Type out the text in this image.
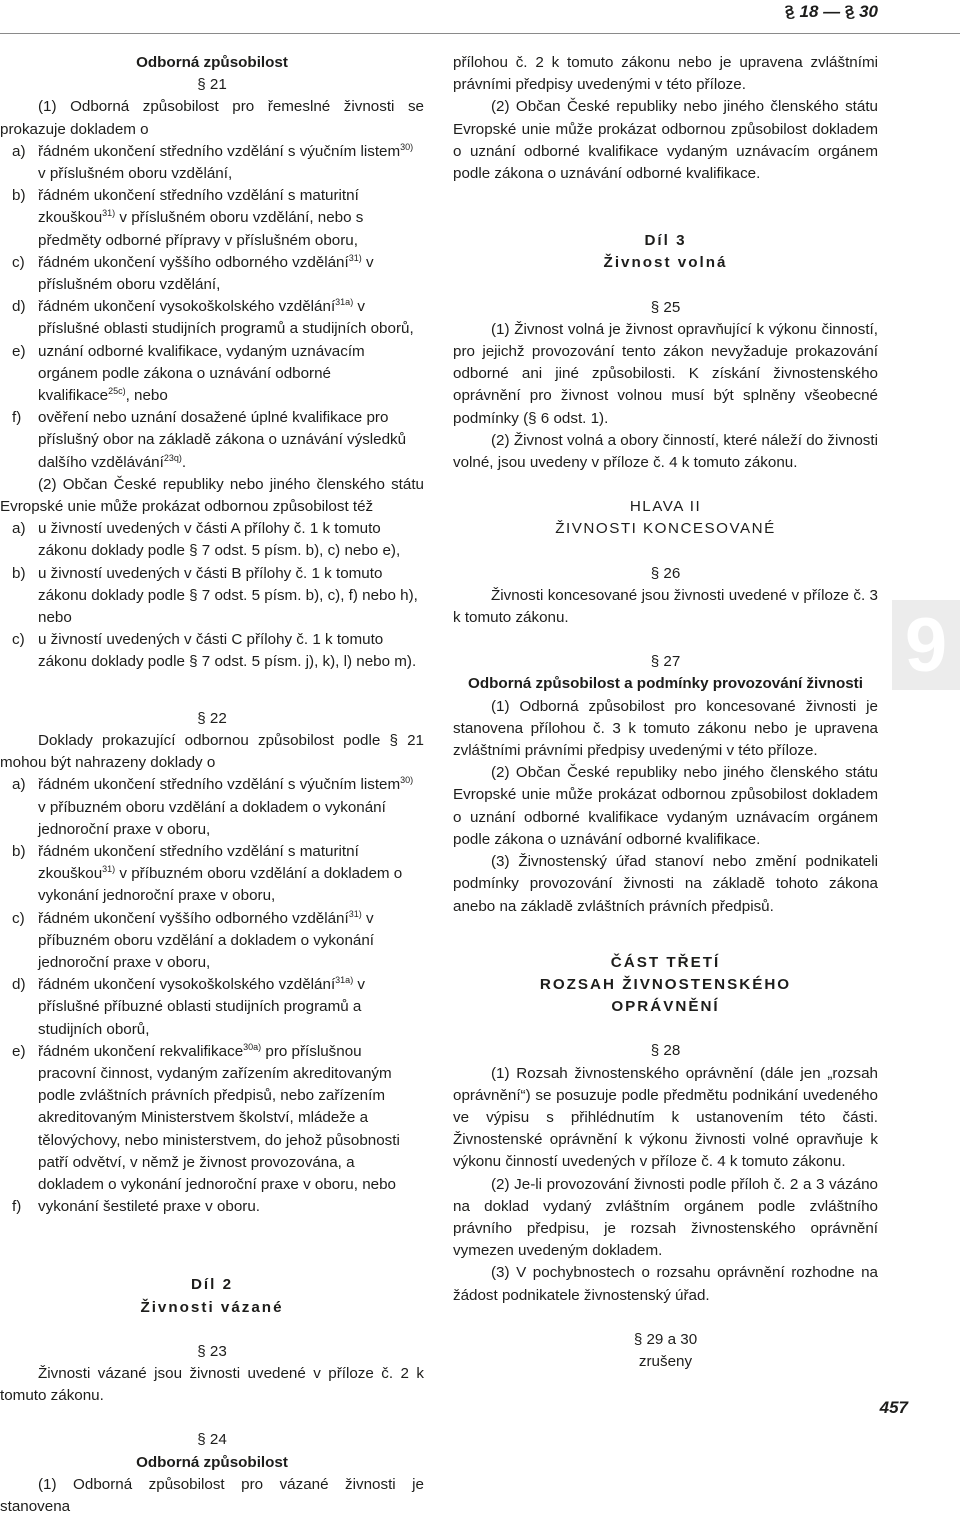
§ 18 — § 30
Odborná způsobilost
§ 21

(1) Odborná způsobilost pro řemeslné živnosti se prokazuje dokladem o

a) řádném ukončení středního vzdělání s výučním listem$^{30)}$ v příslušném oboru vzdělání,
b) řádném ukončení středního vzdělání s maturitní zkouškou$^{31)}$ v příslušném oboru vzdělání, nebo s předměty odborné přípravy v příslušném oboru,
c) řádném ukončení vyššího odborného vzdělání$^{31)}$ v příslušném oboru vzdělání,
d) řádném ukončení vysokoškolského vzdělání$^{31a)}$ v příslušné oblasti studijních programů a studijních oborů,
e) uznání odborné kvalifikace, vydaným uznávacím orgánem podle zákona o uznávání odborné kvalifikace$^{25c)}$, nebo
f)	ověření nebo uznání dosažené úplné kvalifikace pro příslušný obor na základě zákona o uznávání výsledků dalšího vzdělávání$^{23q)}$.

(2) Občan České republiky nebo jiného členského státu Evropské unie může prokázat odbornou způsobilost též

a) u živností uvedených v části A přílohy č. 1 k tomuto zákonu doklady podle § 7 odst. 5 písm. b), c) nebo e),
b) u živností uvedených v části B přílohy č. 1 k tomuto zákonu doklady podle § 7 odst. 5 písm. b), c), f) nebo h), nebo
c) u živností uvedených v části C přílohy č. 1 k tomuto zákonu doklady podle § 7 odst. 5 písm. j), k), l) nebo m).
§ 22

Doklady prokazující odbornou způsobilost podle § 21 mohou být nahrazeny doklady o

a) řádném ukončení středního vzdělání s výučním listem$^{30)}$ v příbuzném oboru vzdělání a dokladem o vykonání jednoroční praxe v oboru,
b) řádném ukončení středního vzdělání s maturitní zkouškou$^{31)}$ v příbuzném oboru vzdělání a dokladem o vykonání jednoroční praxe v oboru,
c) řádném ukončení vyššího odborného vzdělání$^{31)}$ v příbuzném oboru vzdělání a dokladem o vykonání jednoroční praxe v oboru,
d) řádném ukončení vysokoškolského vzdělání$^{31a)}$ v příslušné příbuzné oblasti studijních programů a studijních oborů,
e) řádném ukončení rekvalifikace$^{30a)}$ pro příslušnou pracovní činnost, vydaným zařízením akreditovaným podle zvláštních právních předpisů, nebo zařízením akreditovaným Ministerstvem školství, mládeže a tělovýchovy, nebo ministerstvem, do jehož působnosti patří odvětví, v němž je živnost provozována, a dokladem o vykonání jednoroční praxe v oboru, nebo
f)	vykonání šestileté praxe v oboru.
Díl 2
Živnosti vázané
§ 23

Živnosti vázané jsou živnosti uvedené v příloze č. 2 k tomuto zákonu.

§ 24
Odborná způsobilost

(1) Odborná způsobilost pro vázané živnosti je stanovena

přílohou č. 2 k tomuto zákonu nebo je upravena zvláštními právními předpisy uvedenými v této příloze.

(2) Občan České republiky nebo jiného členského státu Evropské unie může prokázat odbornou způsobilost dokladem o uznání odborné kvalifikace vydaným uznávacím orgánem podle zákona o uznávání odborné kvalifikace.

Díl 3
Živnost volná
§ 25

(1) Živnost volná je živnost opravňující k výkonu činností, pro jejichž provozování tento zákon nevyžaduje prokazování odborné ani jiné způsobilosti. K získání živnostenského oprávnění pro živnost volnou musí být splněny všeobecné podmínky (§ 6 odst. 1).

(2) Živnost volná a obory činností, které náleží do živnosti volné, jsou uvedeny v příloze č. 4 k tomuto zákonu.

HLAVA II
ŽIVNOSTI KONCESOVANÉ
§ 26

Živnosti koncesované jsou živnosti uvedené v příloze č. 3 k tomuto zákonu.

§ 27
Odborná způsobilost a podmínky provozování živnosti

(1) Odborná způsobilost pro koncesované živnosti je stanovena přílohou č. 3 k tomuto zákonu nebo je upravena zvláštními právními předpisy uvedenými v této příloze.

(2) Občan České republiky nebo jiného členského státu Evropské unie může prokázat odbornou způsobilost dokladem o uznání odborné kvalifikace vydaným uznávacím orgánem podle zákona o uznávání odborné kvalifikace.

(3) Živnostenský úřad stanoví nebo změní podnikateli podmínky provozování živnosti na základě tohoto zákona anebo na základě zvláštních právních předpisů.

ČÁST TŘETÍ
ROZSAH ŽIVNOSTENSKÉHO
OPRÁVNĚNÍ
§ 28

(1) Rozsah živnostenského oprávnění (dále jen „rozsah oprávnění“) se posuzuje podle předmětu podnikání uvedeného ve výpisu s přihlédnutím k ustanovením této části. Živnostenské oprávnění k výkonu živnosti volné opravňuje k výkonu činností uvedených v příloze č. 4 k tomuto zákonu.

(2) Je-li provozování živnosti podle příloh č. 2 a 3 vázáno na doklad vydaný zvláštním orgánem podle zvláštního právního předpisu, je rozsah živnostenského oprávnění vymezen uvedeným dokladem.

(3) V pochybnostech o rozsahu oprávnění rozhodne na žádost podnikatele živnostenský úřad.

§ 29 a 30
zrušeny
9
457
